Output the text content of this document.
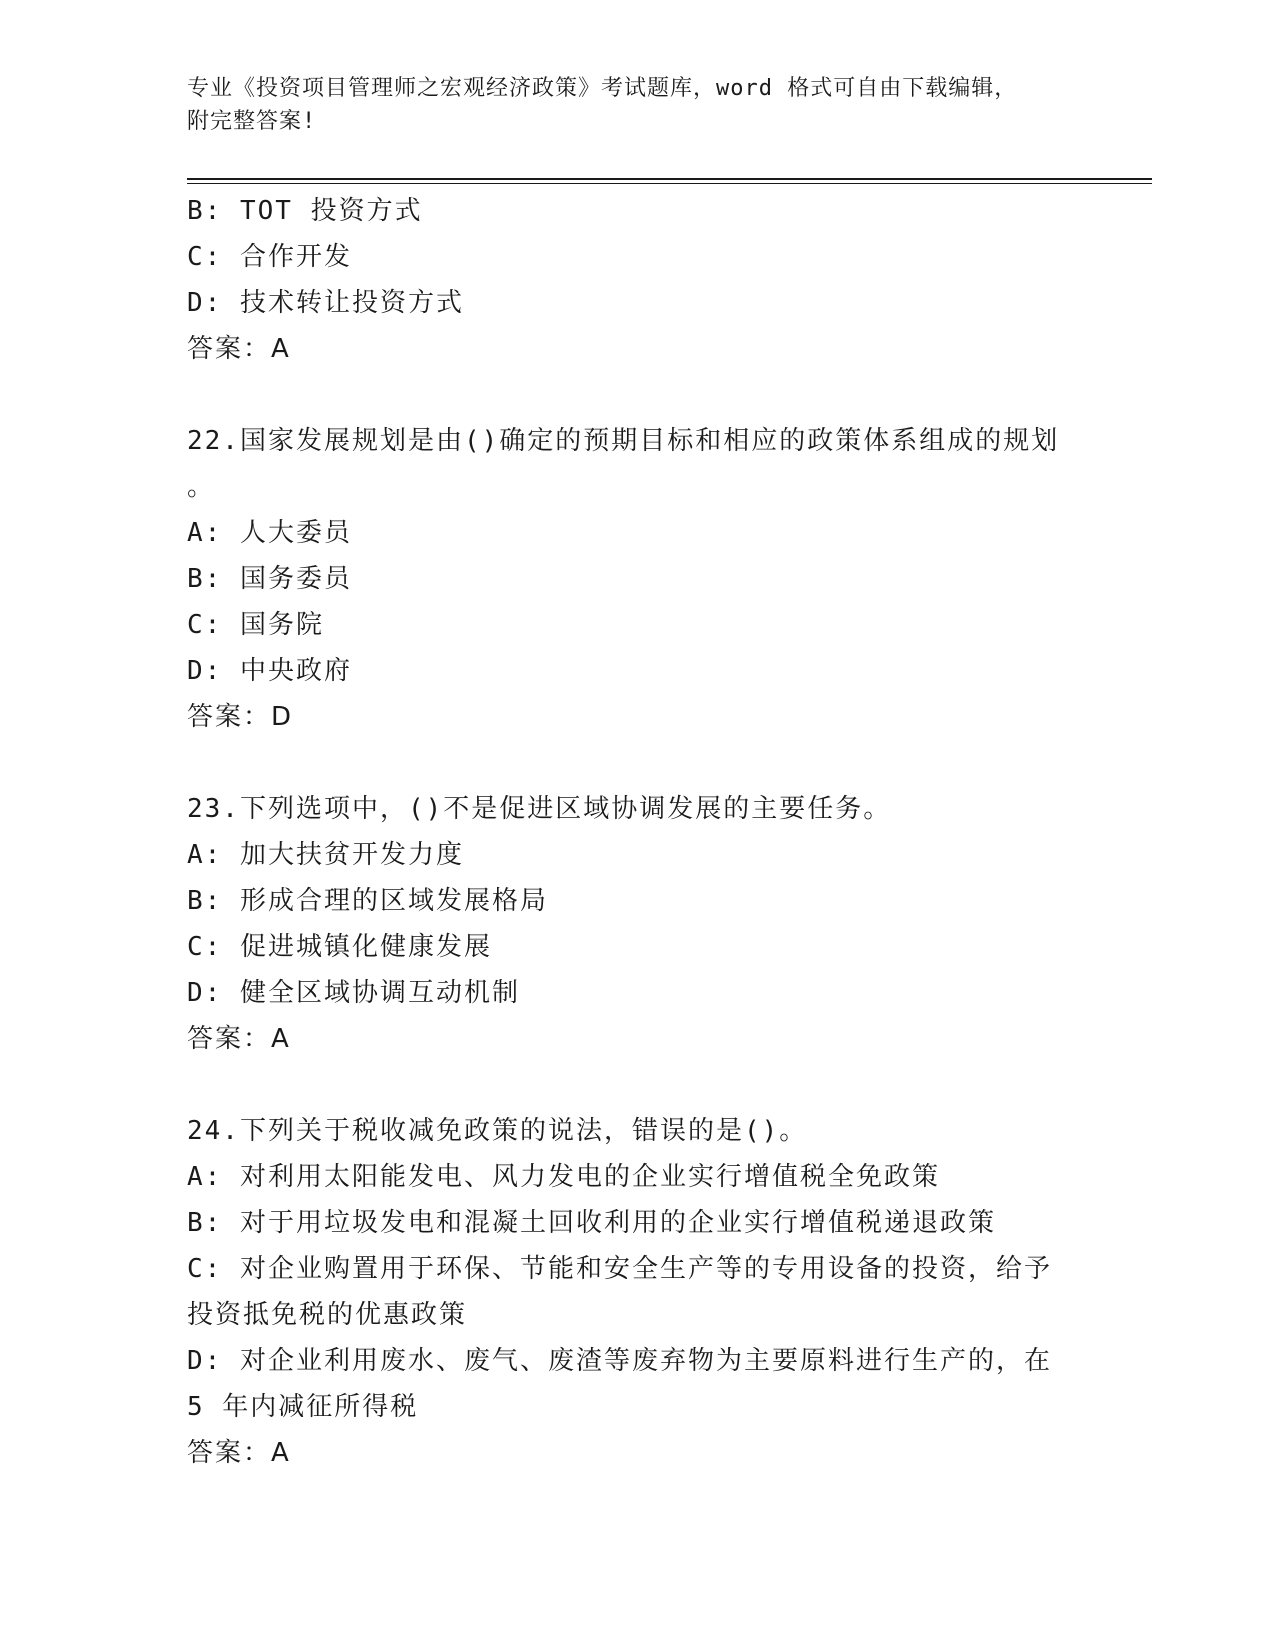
专业《投资项目管理师之宏观经济政策》考试题库，word 格式可自由下载编辑，
附完整答案!
B: TOT 投资方式
C: 合作开发
D: 技术转让投资方式
答案：A
22.国家发展规划是由()确定的预期目标和相应的政策体系组成的规划
。
A: 人大委员
B: 国务委员
C: 国务院
D: 中央政府
答案：D
23.下列选项中，()不是促进区域协调发展的主要任务。
A: 加大扶贫开发力度
B: 形成合理的区域发展格局
C: 促进城镇化健康发展
D: 健全区域协调互动机制
答案：A
24.下列关于税收减免政策的说法，错误的是()。
A: 对利用太阳能发电、风力发电的企业实行增值税全免政策
B: 对于用垃圾发电和混凝土回收利用的企业实行增值税递退政策
C: 对企业购置用于环保、节能和安全生产等的专用设备的投资，给予
投资抵免税的优惠政策
D: 对企业利用废水、废气、废渣等废弃物为主要原料进行生产的，在
5 年内减征所得税
答案：A
